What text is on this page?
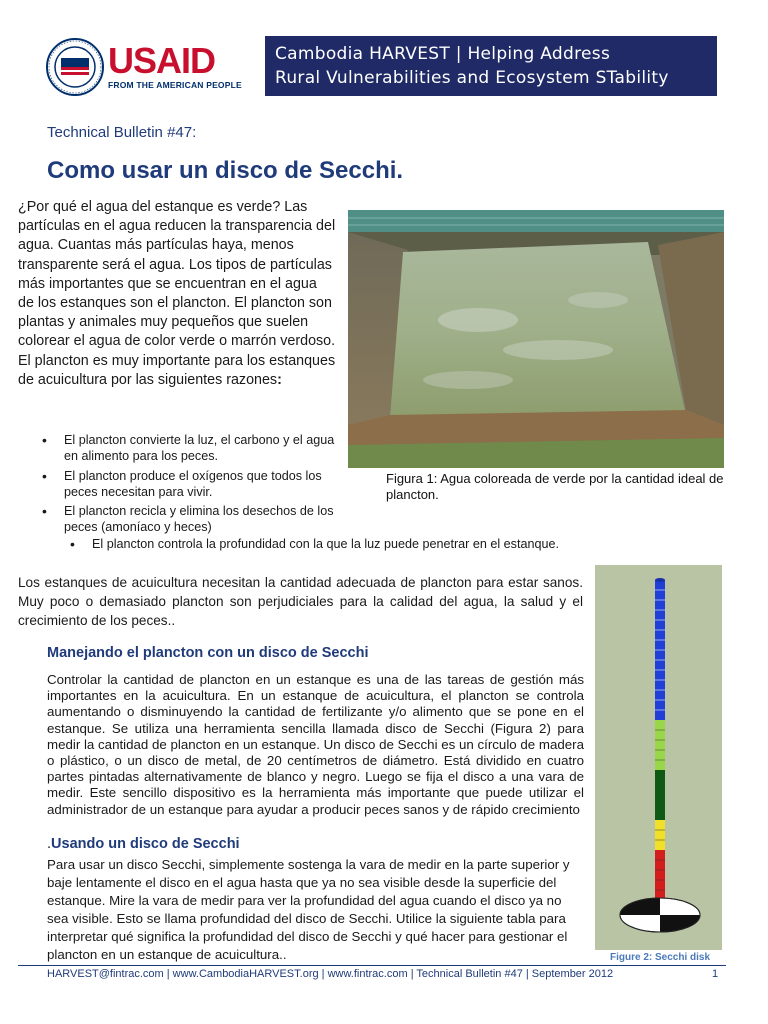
USAID
FROM THE AMERICAN PEOPLE
Cambodia HARVEST | Helping Address
Rural Vulnerabilities and Ecosystem STability
Technical Bulletin #47:
Como usar un disco de Secchi.
¿Por qué el agua del estanque es verde? Las partículas en el agua reducen la transparencia del agua. Cuantas más partículas haya, menos transparente será el agua. Los tipos de partículas más importantes que se encuentran en el agua de los estanques son el plancton. El plancton son plantas y animales muy pequeños que suelen colorear el agua de color verde o marrón verdoso. El plancton es muy importante para los estanques de acuicultura por las siguientes razones:
•	El plancton convierte la luz, el carbono y el agua en alimento para los peces.
•	El plancton produce el oxígenos que todos los peces necesitan para vivir.
•	El plancton recicla y elimina los desechos de los peces (amoníaco y heces)
•	El plancton controla la profundidad con la que la luz puede penetrar en el estanque.
Figura 1: Agua coloreada de verde por la cantidad ideal de plancton.
Los estanques de acuicultura necesitan la cantidad adecuada de plancton para estar sanos. Muy poco o demasiado plancton son perjudiciales para la calidad del agua, la salud y el crecimiento de los peces..
Manejando el plancton con un disco de Secchi
Controlar la cantidad de plancton en un estanque es una de las tareas de gestión más importantes en la acuicultura. En un estanque de acuicultura, el plancton se controla aumentando o disminuyendo la cantidad de fertilizante y/o alimento que se pone en el estanque. Se utiliza una herramienta sencilla llamada disco de Secchi (Figura 2) para medir la cantidad de plancton en un estanque. Un disco de Secchi es un círculo de madera o plástico, o un disco de metal, de 20 centímetros de diámetro. Está dividido en cuatro partes pintadas alternativamente de blanco y negro. Luego se fija el disco a una vara de medir. Este sencillo dispositivo es la herramienta más importante que puede utilizar el administrador de un estanque para ayudar a producir peces sanos y de rápido crecimiento
.Usando un disco de Secchi
Para usar un disco Secchi, simplemente sostenga la vara de medir en la parte superior y baje lentamente el disco en el agua hasta que ya no sea visible desde la superficie del estanque. Mire la vara de medir para ver la profundidad del agua cuando el disco ya no sea visible. Esto se llama profundidad del disco de Secchi. Utilice la siguiente tabla para interpretar qué significa la profundidad del disco de Secchi y qué hacer para gestionar el plancton en un estanque de acuicultura..	Figure 2: Secchi disk
HARVEST@fintrac.com | www.CambodiaHARVEST.org | www.fintrac.com | Technical Bulletin #47 | September 2012	1
